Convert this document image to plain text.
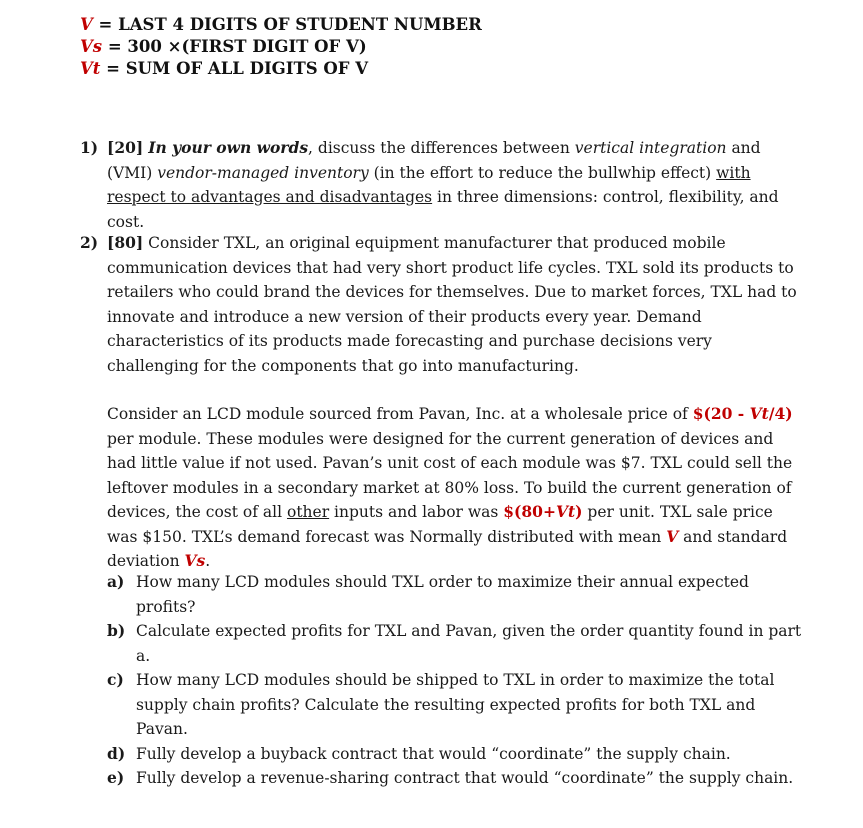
V = LAST 4 DIGITS OF STUDENT NUMBER
Vs = 300 ×(FIRST DIGIT OF V)
Vt = SUM OF ALL DIGITS OF V
1) [20] In your own words, discuss the differences between vertical integration and (VMI) vendor-managed inventory (in the effort to reduce the bullwhip effect) with respect to advantages and disadvantages in three dimensions: control, flexibility, and cost.
2) [80] Consider TXL, an original equipment manufacturer that produced mobile communication devices that had very short product life cycles. TXL sold its products to retailers who could brand the devices for themselves. Due to market forces, TXL had to innovate and introduce a new version of their products every year. Demand characteristics of its products made forecasting and purchase decisions very challenging for the components that go into manufacturing.
Consider an LCD module sourced from Pavan, Inc. at a wholesale price of $(20 - Vt/4) per module. These modules were designed for the current generation of devices and had little value if not used. Pavan’s unit cost of each module was $7. TXL could sell the leftover modules in a secondary market at 80% loss. To build the current generation of devices, the cost of all other inputs and labor was $(80+Vt) per unit. TXL sale price was $150. TXL’s demand forecast was Normally distributed with mean V and standard deviation Vs.
a) How many LCD modules should TXL order to maximize their annual expected profits?
b) Calculate expected profits for TXL and Pavan, given the order quantity found in part a.
c) How many LCD modules should be shipped to TXL in order to maximize the total supply chain profits? Calculate the resulting expected profits for both TXL and Pavan.
d) Fully develop a buyback contract that would “coordinate” the supply chain.
e) Fully develop a revenue-sharing contract that would “coordinate” the supply chain.
